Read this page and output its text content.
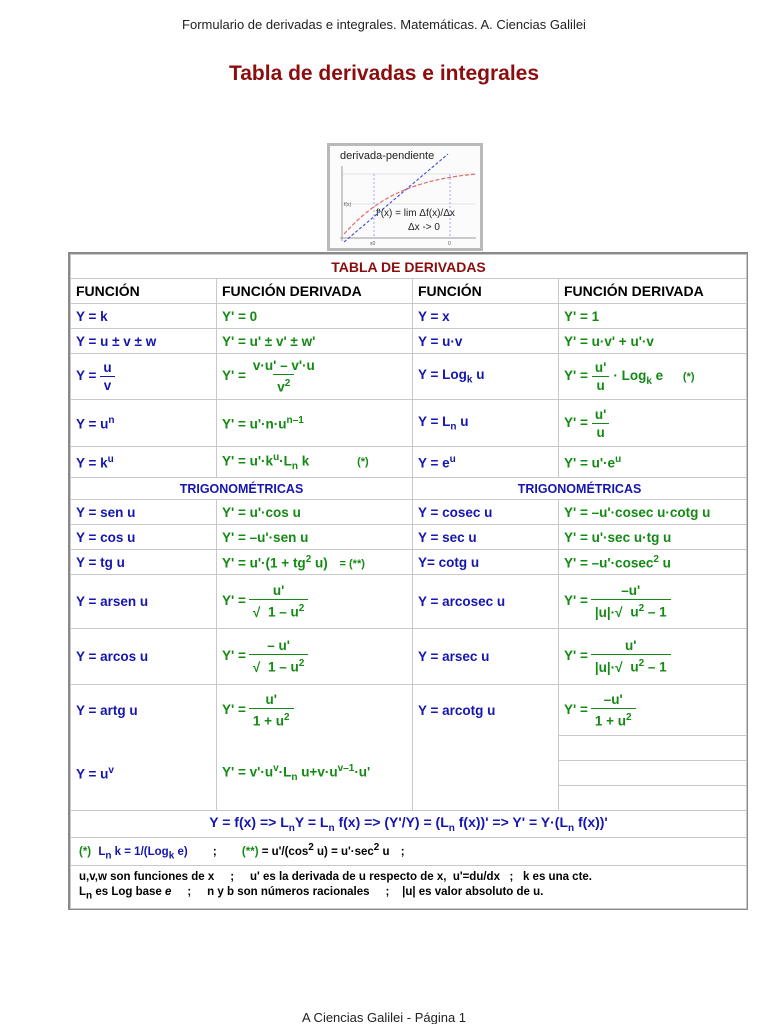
Formulario de derivadas e integrales. Matemáticas. A. Ciencias Galilei
Tabla de derivadas e integrales
derivada-pendiente
f(x)
x0	0
f'(x) = lim Δf(x)/Δx
Δx -> 0
TABLA DE DERIVADAS			
FUNCIÓN	FUNCIÓN DERIVADA	FUNCIÓN	FUNCIÓN DERIVADA
Y = k	Y' = 0	Y = x	Y' = 1
Y = u ± v ± w	Y' = u' ± v' ± w'	Y = u·v	Y' = u·v' + u'·v
$Y = \frac{u}{v}$	$Y' = \frac{v\cdot u' - v'\cdot u}{v^2}$	Y = Log$_k$ u	$Y' = \frac{u'}{u} \cdot Log_k$ e (*)
$Y = u^n$	$Y' = u'\cdot n\cdot u^{n-1}$	$Y = L_n$ u	$Y' = \frac{u'}{u}$

$Y = k^u$	$Y' = u'\cdot k^u\cdot L_n$ k (*)	$Y = e^u$	$Y' = u'\cdot e^u$
TRIGONOMÉTRICAS		TRIGONOMÉTRICAS	
Y = sen u	Y' = u'·cos u	Y = cosec u	Y' = –u'·cosec u·cotg u
Y = cos u	Y' = –u'·sen u	Y = sec u	Y' = u'·sec u·tg u
Y = tg u	$Y' = u'\cdot(1 + tg^2$ u) = (**)	Y= cotg u	Y' = –u'·cosec$^2$ u
Y = arsen u	$Y' = \frac{u'}{√ 1 - u^2}$	Y = arcosec u	$Y' = \frac{-u'}{|u|\cdot√ u^2 - 1}$

Y = arcos u	$Y' = \frac{- u'}{√ 1 - u^2}$	Y = arsec u	$Y' = \frac{u'}{|u|\cdot√ u^2 - 1}$

Y = artg u	$Y' = \frac{u'}{1 + u^2}$	Y = arcotg u	$Y' = \frac{-u'}{1 + u^2}$

$Y = u^v$	$Y' = v'\cdot u^v\cdot L_n$ $u+v\cdot u^{v-1}\cdot u'$		

$Y = f(x) => L_nY = L_n$ $f(x) => (Y'/Y) = (L_n$ $f(x))' => Y' = Y\cdot(L_n$ f(x))'			
(*) $L_n$ k = 1/(Log$_k$ e) ; (**) = $u'/(\cos^2$ $u) = u'\cdot\sec^2$ u ;			

u,v,w son funciones de x     ;     u' es la derivada de u respecto de x,  u'=du/dx   ;   k es una cte.
$L_n$ es Log base e     ;     n y b son números racionales     ;    |u| es valor absoluto de u.			
A Ciencias Galilei - Página 1
